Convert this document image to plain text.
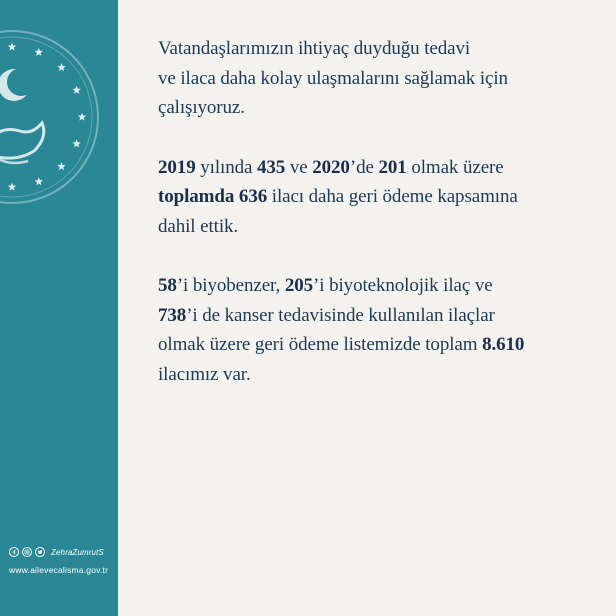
ZehraZumrutS
www.ailevecalisma.gov.tr

Vatandaşlarımızın ihtiyaç duyduğu tedavi
ve ilaca daha kolay ulaşmalarını sağlamak için
çalışıyoruz.

2019 yılında 435 ve 2020’de 201 olmak üzere
toplamda 636 ilacı daha geri ödeme kapsamına
dahil ettik.

58’i biyobenzer, 205’i biyoteknolojik ilaç ve
738’i de kanser tedavisinde kullanılan ilaçlar
olmak üzere geri ödeme listemizde toplam 8.610
ilacımız var.
